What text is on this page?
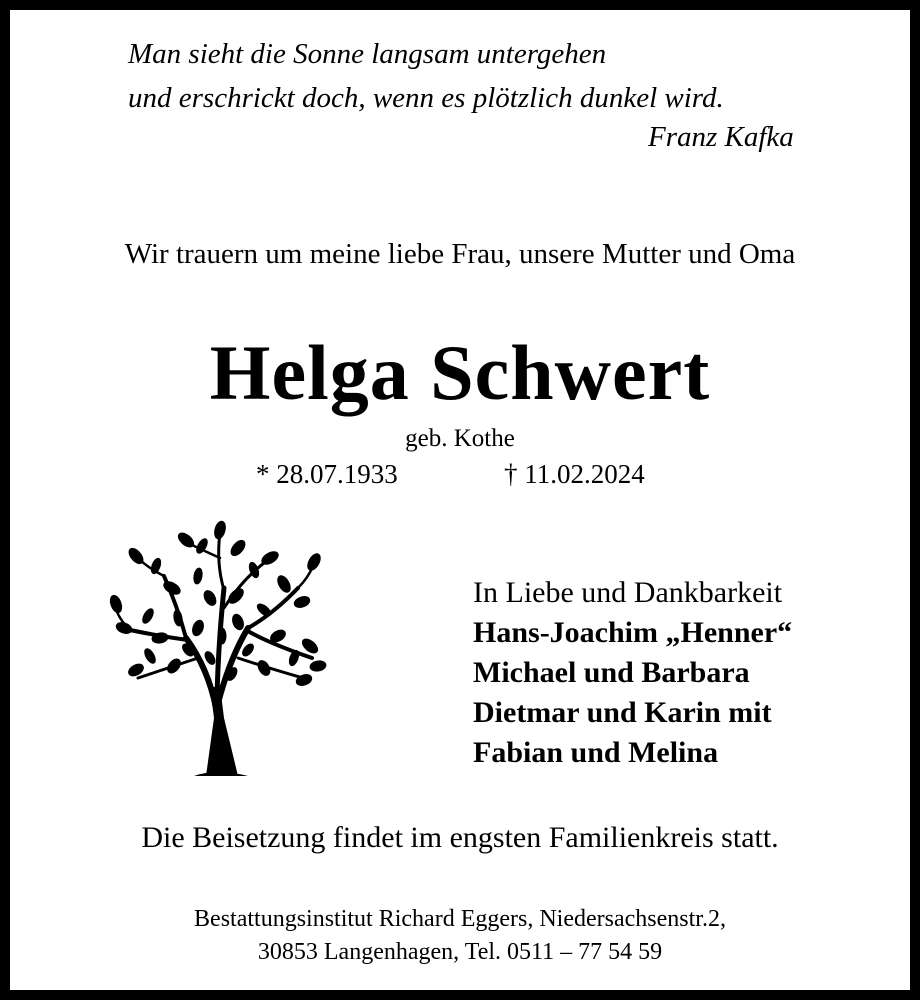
Man sieht die Sonne langsam untergehen
und erschrickt doch, wenn es plötzlich dunkel wird.
Franz Kafka
Wir trauern um meine liebe Frau, unsere Mutter und Oma
Helga Schwert
geb. Kothe
* 28.07.1933	† 11.02.2024
In Liebe und Dankbarkeit
Hans-Joachim „Henner“
Michael und Barbara
Dietmar und Karin mit
Fabian und Melina
Die Beisetzung findet im engsten Familienkreis statt.
Bestattungsinstitut Richard Eggers, Niedersachsenstr.2,
30853 Langenhagen, Tel. 0511 – 77 54 59
